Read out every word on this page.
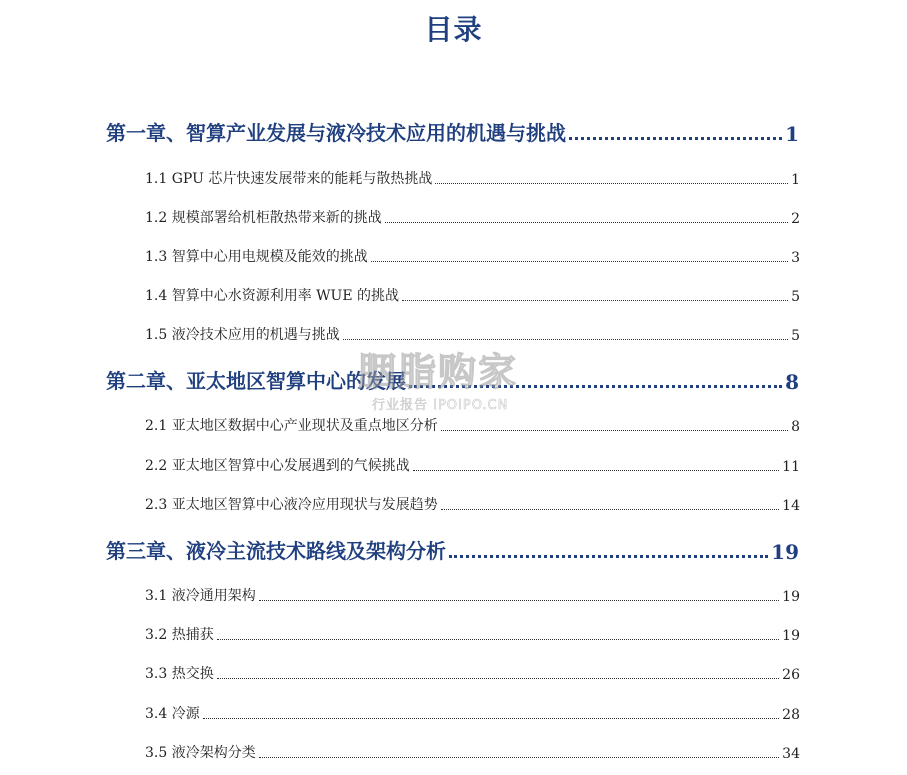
目录
第一章、智算产业发展与液冷技术应用的机遇与挑战	1
1.1 GPU 芯片快速发展带来的能耗与散热挑战	1
1.2 规模部署给机柜散热带来新的挑战	2
1.3 智算中心用电规模及能效的挑战	3
1.4 智算中心水资源利用率 WUE 的挑战	5
1.5 液冷技术应用的机遇与挑战	5
第二章、亚太地区智算中心的发展	8
2.1 亚太地区数据中心产业现状及重点地区分析	8
2.2 亚太地区智算中心发展遇到的气候挑战	11
2.3 亚太地区智算中心液冷应用现状与发展趋势	14
第三章、液冷主流技术路线及架构分析	19
3.1 液冷通用架构	19
3.2 热捕获	19
3.3 热交换	26
3.4 冷源	28
3.5 液冷架构分类	34
胭脂购家
行业报告 IPOIPO.CN
